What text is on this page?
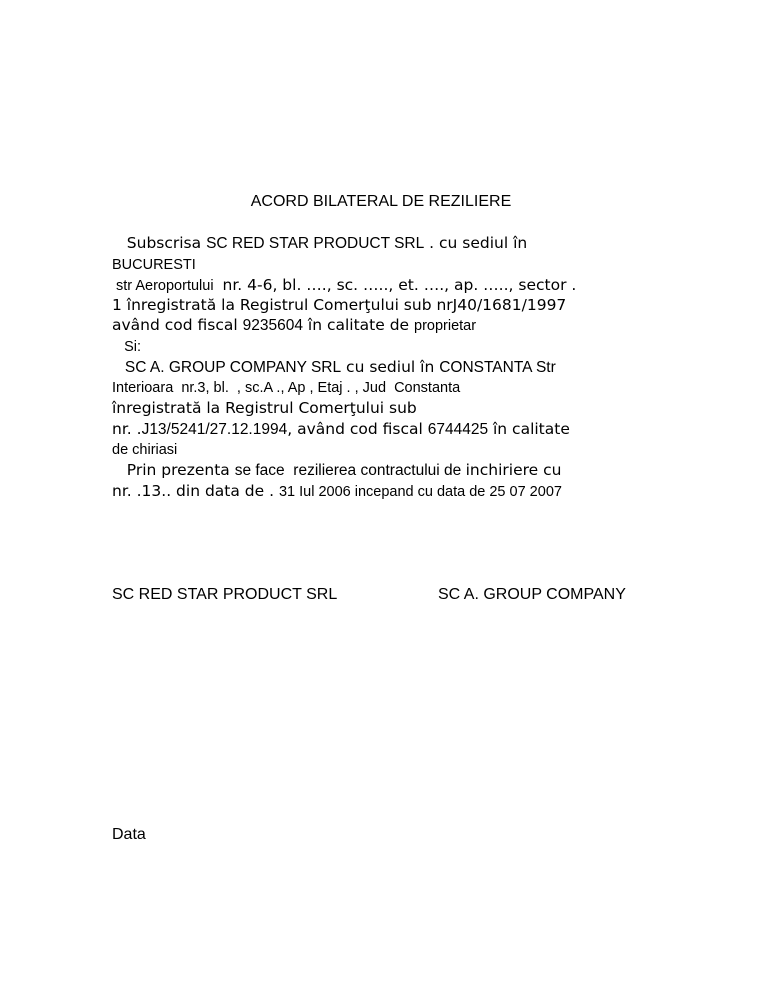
ACORD BILATERAL DE REZILIERE
Subscrisa SC RED STAR PRODUCT SRL . cu sediul în
BUCURESTI
str Aeroportului  nr. 4-6, bl. …., sc. ….., et. …., ap. ….., sector .
1 înregistrată la Registrul Comerţului sub nrJ40/1681/1997
având cod fiscal 9235604 în calitate de proprietar
Si:
SC A. GROUP COMPANY SRL cu sediul în CONSTANTA Str
Interioara  nr.3, bl.  , sc.A ., Ap , Etaj . , Jud  Constanta
înregistrată la Registrul Comerţului sub
nr. .J13/5241/27.12.1994, având cod fiscal 6744425 în calitate
de chiriasi
Prin prezenta se face  rezilierea contractului de inchiriere cu
nr. .13.. din data de . 31 Iul 2006 incepand cu data de 25 07 2007
SC RED STAR PRODUCT SRL	SC A. GROUP COMPANY
Data
